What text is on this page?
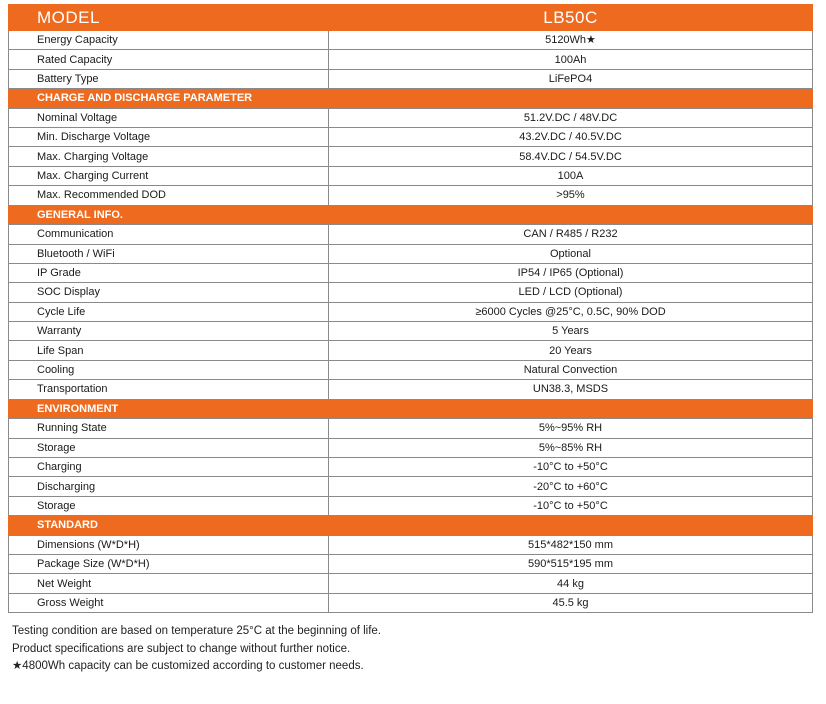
MODEL	LB50C
Energy Capacity	5120Wh★
Rated Capacity	100Ah
Battery Type	LiFePO4
CHARGE AND DISCHARGE PARAMETER	
Nominal Voltage	51.2V.DC / 48V.DC
Min. Discharge Voltage	43.2V.DC / 40.5V.DC
Max. Charging Voltage	58.4V.DC / 54.5V.DC
Max. Charging Current	100A
Max. Recommended DOD	>95%
GENERAL INFO.	
Communication	CAN / R485 / R232
Bluetooth / WiFi	Optional
IP Grade	IP54 / IP65 (Optional)
SOC Display	LED / LCD (Optional)
Cycle Life	≥6000 Cycles @25°C, 0.5C, 90% DOD
Warranty	5 Years
Life Span	20 Years
Cooling	Natural Convection
Transportation	UN38.3, MSDS
ENVIRONMENT	
Running State	5%~95% RH
Storage	5%~85% RH
Charging	-10°C to +50°C
Discharging	-20°C to +60°C
Storage	-10°C to +50°C
STANDARD	
Dimensions (W*D*H)	515*482*150 mm
Package Size (W*D*H)	590*515*195 mm
Net Weight	44 kg
Gross Weight	45.5 kg
Testing condition are based on temperature 25°C at the beginning of life.
Product specifications are subject to change without further notice.
★4800Wh capacity can be customized according to customer needs.
